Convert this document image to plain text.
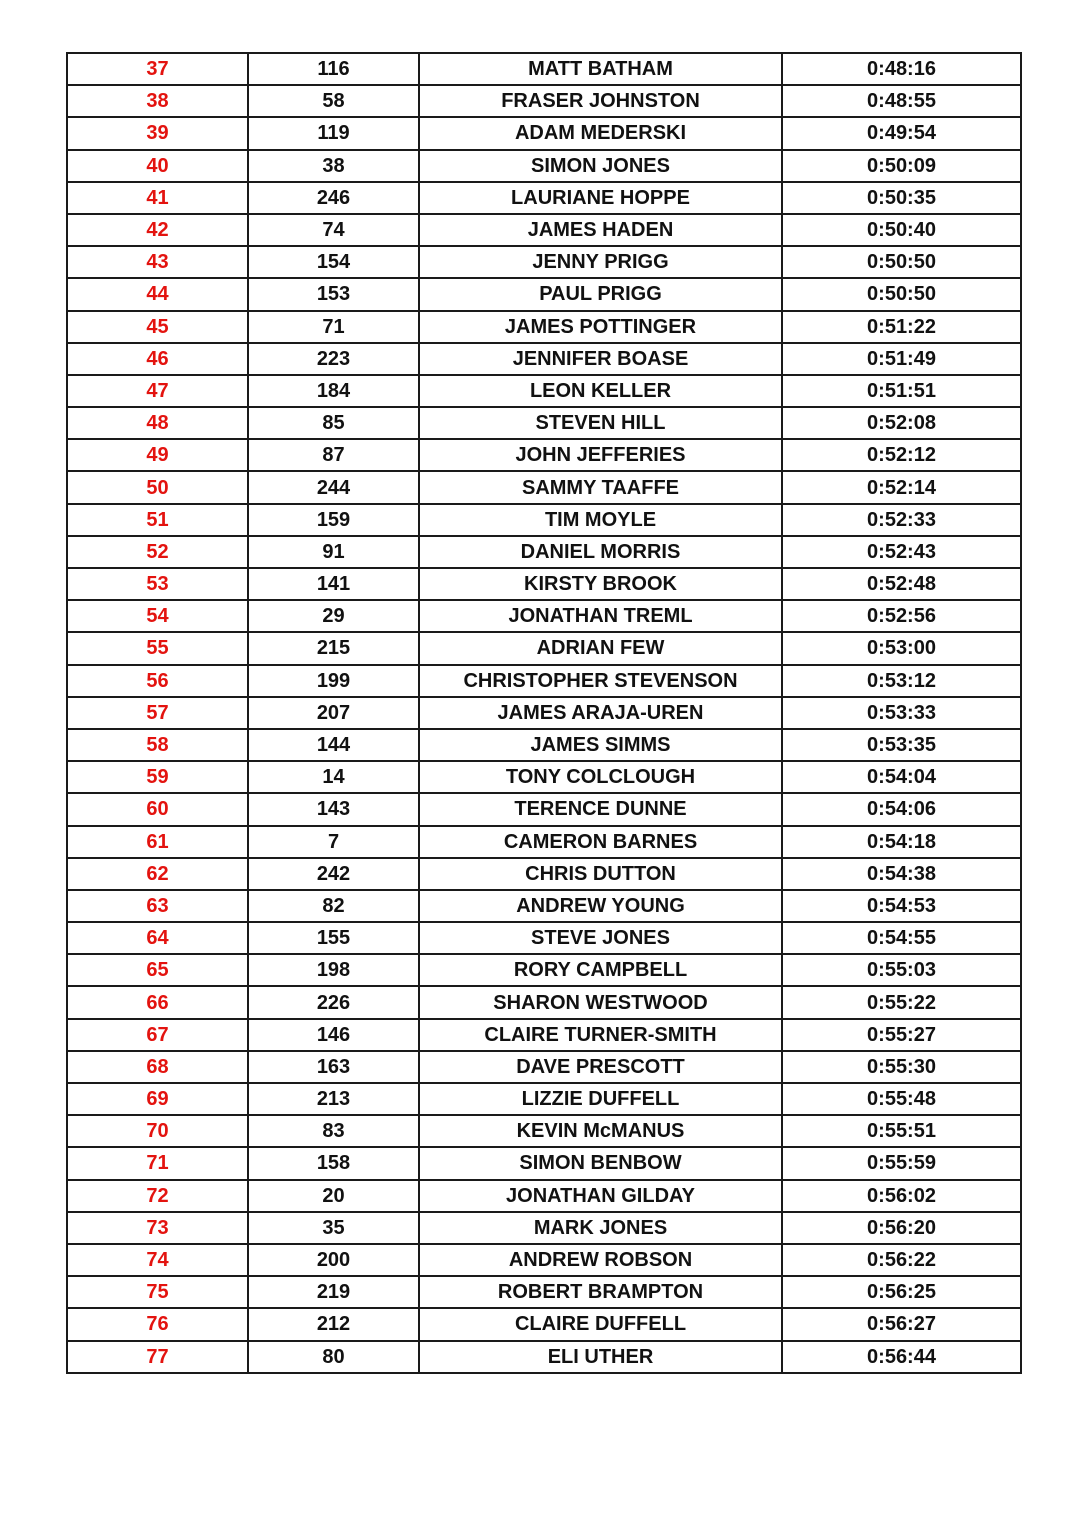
37	116	MATT BATHAM	0:48:16
38	58	FRASER JOHNSTON	0:48:55
39	119	ADAM MEDERSKI	0:49:54
40	38	SIMON JONES	0:50:09
41	246	LAURIANE HOPPE	0:50:35
42	74	JAMES HADEN	0:50:40
43	154	JENNY PRIGG	0:50:50
44	153	PAUL PRIGG	0:50:50
45	71	JAMES POTTINGER	0:51:22
46	223	JENNIFER BOASE	0:51:49
47	184	LEON KELLER	0:51:51
48	85	STEVEN HILL	0:52:08
49	87	JOHN JEFFERIES	0:52:12
50	244	SAMMY TAAFFE	0:52:14
51	159	TIM MOYLE	0:52:33
52	91	DANIEL MORRIS	0:52:43
53	141	KIRSTY BROOK	0:52:48
54	29	JONATHAN TREML	0:52:56
55	215	ADRIAN FEW	0:53:00
56	199	CHRISTOPHER STEVENSON	0:53:12
57	207	JAMES ARAJA-UREN	0:53:33
58	144	JAMES SIMMS	0:53:35
59	14	TONY COLCLOUGH	0:54:04
60	143	TERENCE DUNNE	0:54:06
61	7	CAMERON BARNES	0:54:18
62	242	CHRIS DUTTON	0:54:38
63	82	ANDREW YOUNG	0:54:53
64	155	STEVE JONES	0:54:55
65	198	RORY CAMPBELL	0:55:03
66	226	SHARON WESTWOOD	0:55:22
67	146	CLAIRE TURNER-SMITH	0:55:27
68	163	DAVE PRESCOTT	0:55:30
69	213	LIZZIE DUFFELL	0:55:48
70	83	KEVIN McMANUS	0:55:51
71	158	SIMON BENBOW	0:55:59
72	20	JONATHAN GILDAY	0:56:02
73	35	MARK JONES	0:56:20
74	200	ANDREW ROBSON	0:56:22
75	219	ROBERT BRAMPTON	0:56:25
76	212	CLAIRE DUFFELL	0:56:27
77	80	ELI UTHER	0:56:44
